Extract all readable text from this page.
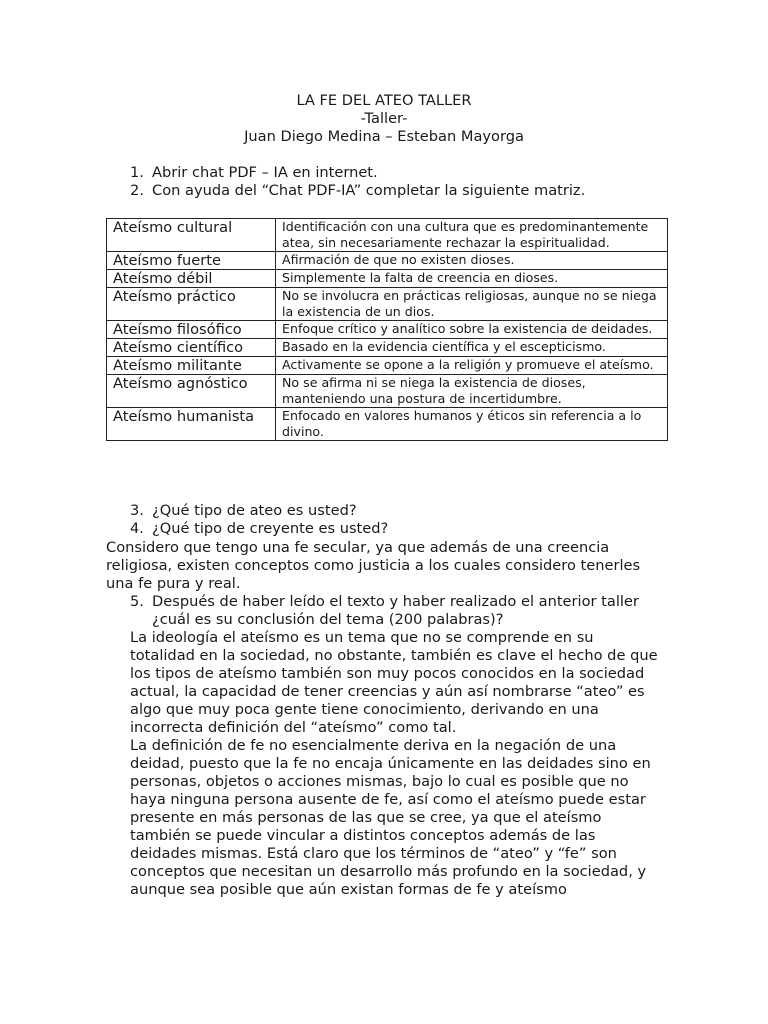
LA FE DEL ATEO TALLER
-Taller-
Juan Diego Medina – Esteban Mayorga
1. Abrir chat PDF – IA en internet.
2. Con ayuda del “Chat PDF-IA” completar la siguiente matriz.
Ateísmo cultural	Identificación con una cultura que es predominantemente atea, sin necesariamente rechazar la espiritualidad.
Ateísmo fuerte	Afirmación de que no existen dioses.
Ateísmo débil	Simplemente la falta de creencia en dioses.
Ateísmo práctico	No se involucra en prácticas religiosas, aunque no se niega la existencia de un dios.
Ateísmo filosófico	Enfoque crítico y analítico sobre la existencia de deidades.
Ateísmo científico	Basado en la evidencia científica y el escepticismo.
Ateísmo militante	Activamente se opone a la religión y promueve el ateísmo.
Ateísmo agnóstico	No se afirma ni se niega la existencia de dioses, manteniendo una postura de incertidumbre.
Ateísmo humanista	Enfocado en valores humanos y éticos sin referencia a lo divino.
3. ¿Qué tipo de ateo es usted?
4. ¿Qué tipo de creyente es usted?
Considero que tengo una fe secular, ya que además de una creencia religiosa, existen conceptos como justicia a los cuales considero tenerles una fe pura y real.
5. Después de haber leído el texto y haber realizado el anterior taller ¿cuál es su conclusión del tema (200 palabras)?

La ideología el ateísmo es un tema que no se comprende en su totalidad en la sociedad, no obstante, también es clave el hecho de que los tipos de ateísmo también son muy pocos conocidos en la sociedad actual, la capacidad de tener creencias y aún así nombrarse “ateo” es algo que muy poca gente tiene conocimiento, derivando en una incorrecta definición del “ateísmo” como tal.

La definición de fe no esencialmente deriva en la negación de una deidad, puesto que la fe no encaja únicamente en las deidades sino en personas, objetos o acciones mismas, bajo lo cual es posible que no haya ninguna persona ausente de fe, así como el ateísmo puede estar presente en más personas de las que se cree, ya que el ateísmo también se puede vincular a distintos conceptos además de las deidades mismas. Está claro que los términos de “ateo” y “fe” son conceptos que necesitan un desarrollo más profundo en la sociedad, y aunque sea posible que aún existan formas de fe y ateísmo
